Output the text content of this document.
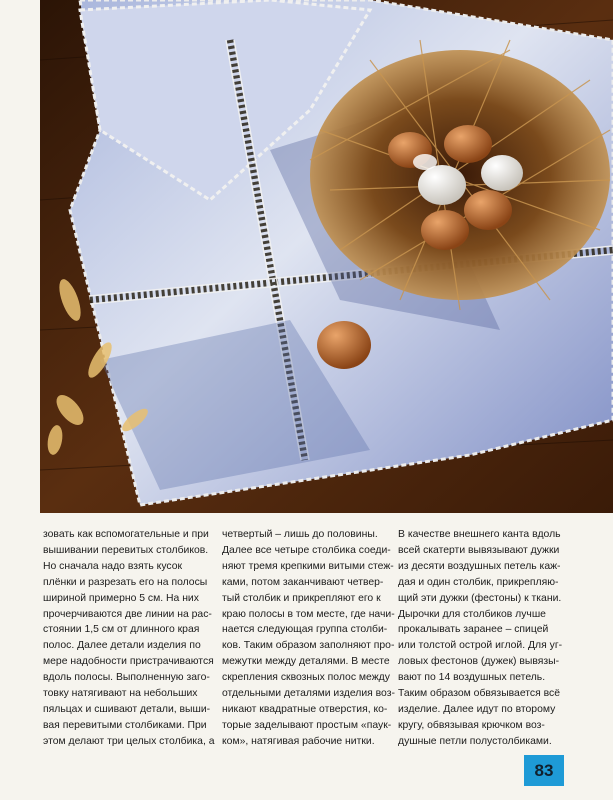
зовать как вспомогательные и при

вышивании перевитых столбиков.

Но сначала надо взять кусок

плёнки и разрезать его на полосы

шириной примерно 5 см. На них

прочерчиваются две линии на рас-

стоянии 1,5 см от длинного края

полос. Далее детали изделия по

мере надобности пристрачиваются

вдоль полосы. Выполненную заго-

товку натягивают на небольших

пяльцах и сшивают детали, выши-

вая перевитыми столбиками. При

этом делают три целых столбика, а

четвертый – лишь до половины.

Далее все четыре столбика соеди-

няют тремя крепкими витыми стеж-

ками, потом заканчивают четвер-

тый столбик и прикрепляют его к

краю полосы в том месте, где начи-

нается следующая группа столби-

ков. Таким образом заполняют про-

межутки между деталями. В месте

скрепления сквозных полос между

отдельными деталями изделия воз-

никают квадратные отверстия, ко-

торые заделывают простым «паук-

ком», натягивая рабочие нитки.

В качестве внешнего канта вдоль

всей скатерти вывязывают дужки

из десяти воздушных петель каж-

дая и один столбик, прикрепляю-

щий эти дужки (фестоны) к ткани.

Дырочки для столбиков лучше

прокалывать заранее – спицей

или толстой острой иглой. Для уг-

ловых фестонов (дужек) вывязы-

вают по 14 воздушных петель.

Таким образом обвязывается всё

изделие. Далее идут по второму

кругу, обвязывая крючком воз-

душные петли полустолбиками.

83
